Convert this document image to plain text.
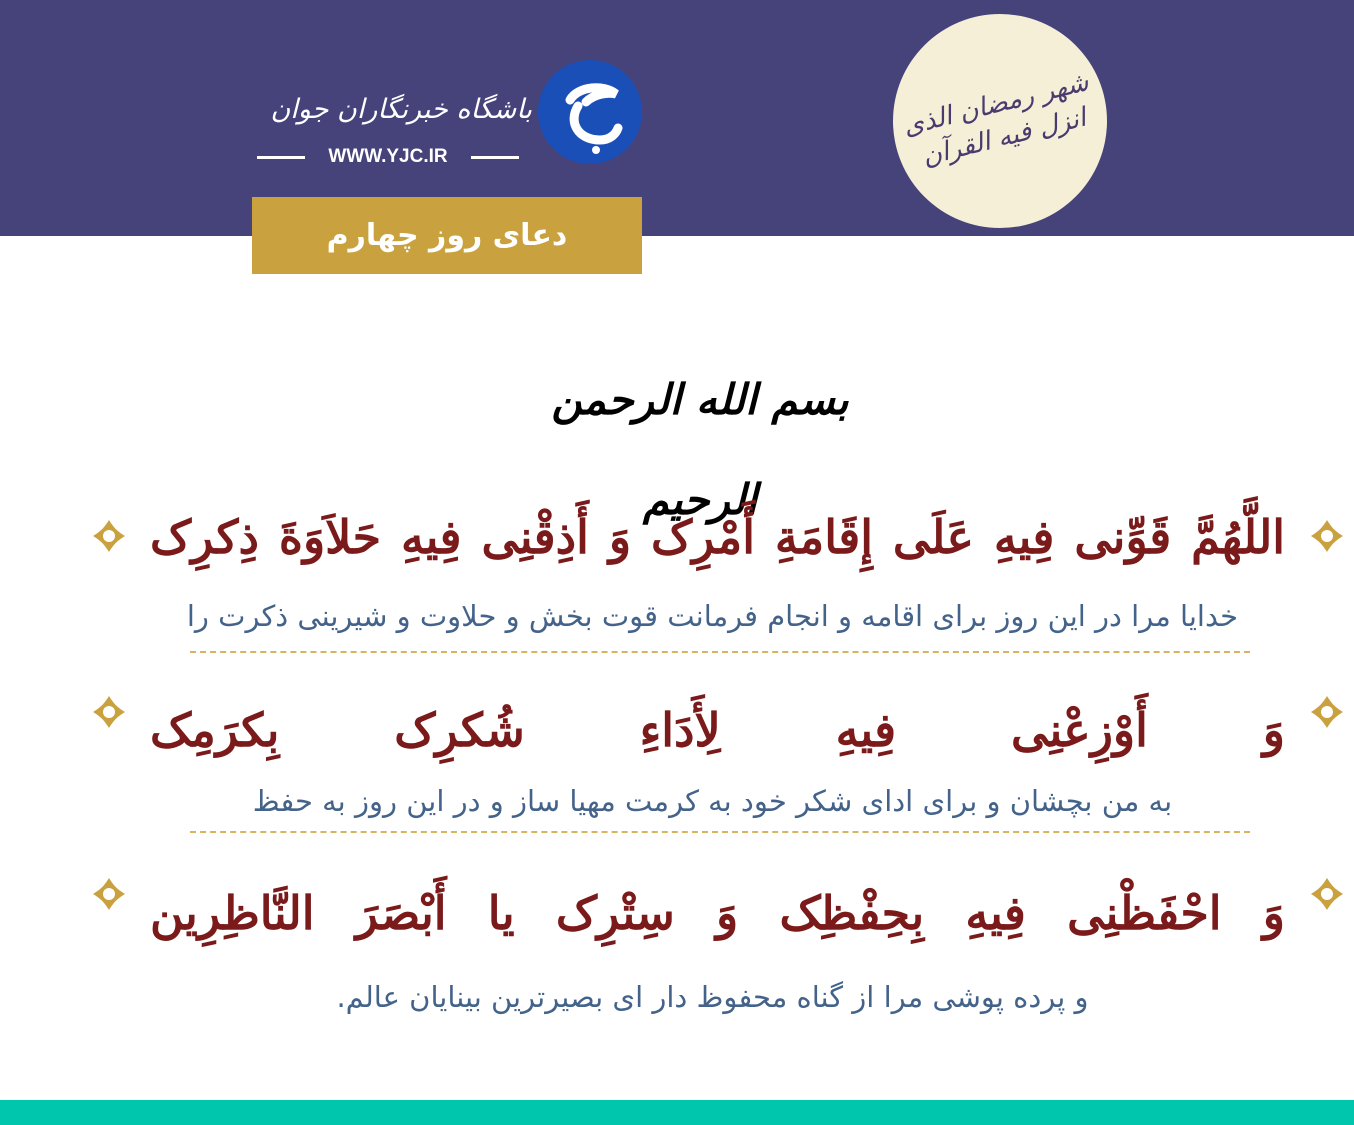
شهر رمضان الذی انزل فیه القرآن
باشگاه خبرنگاران جوان
WWW.YJC.IR
دعای روز چهارم
بسم الله الرحمن الرحیم
اللَّهُمَّ قَوِّنی فِیهِ عَلَى إِقَامَةِ أَمْرِک وَ أَذِقْنِی فِیهِ حَلاَوَةَ ذِکرِک
خدایا مرا در این روز برای اقامه و انجام فرمانت قوت بخش و حلاوت و شیرینی ذکرت را
وَ أَوْزِعْنِی فِیهِ لِأَدَاءِ شُکرِک بِکرَمِک
به من بچشان و برای ادای شکر خود به کرمت مهیا ساز و در این روز به حفظ
وَ احْفَظْنِی فِیهِ بِحِفْظِک وَ سِتْرِک یا أَبْصَرَ النَّاظِرِین
و پرده پوشی مرا از گناه محفوظ دار ای بصیرترین بینایان عالم.
